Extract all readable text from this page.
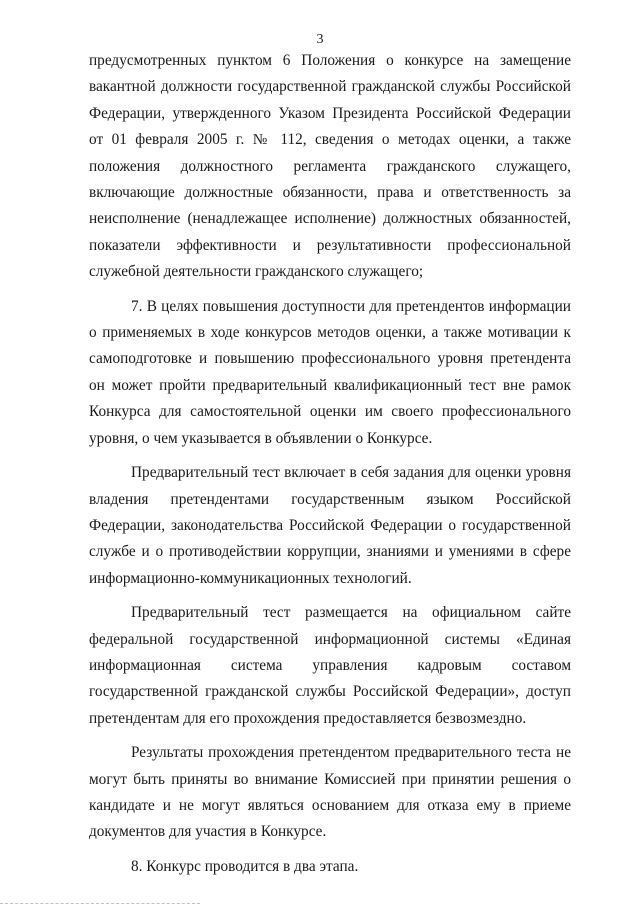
3

предусмотренных пунктом 6 Положения о конкурсе на замещение вакантной должности государственной гражданской службы Российской Федерации, утвержденного Указом Президента Российской Федерации от 01 февраля 2005 г. № 112, сведения о методах оценки, а также положения должностного регламента гражданского служащего, включающие должностные обязанности, права и ответственность за неисполнение (ненадлежащее исполнение) должностных обязанностей, показатели эффективности и результативности профессиональной служебной деятельности гражданского служащего;

7. В целях повышения доступности для претендентов информации о применяемых в ходе конкурсов методов оценки, а также мотивации к самоподготовке и повышению профессионального уровня претендента он может пройти предварительный квалификационный тест вне рамок Конкурса для самостоятельной оценки им своего профессионального уровня, о чем указывается в объявлении о Конкурсе.

Предварительный тест включает в себя задания для оценки уровня владения претендентами государственным языком Российской Федерации, законодательства Российской Федерации о государственной службе и о противодействии коррупции, знаниями и умениями в сфере информационно-коммуникационных технологий.

Предварительный тест размещается на официальном сайте федеральной государственной информационной системы «Единая информационная система управления кадровым составом государственной гражданской службы Российской Федерации», доступ претендентам для его прохождения предоставляется безвозмездно.

Результаты прохождения претендентом предварительного теста не могут быть приняты во внимание Комиссией при принятии решения о кандидате и не могут являться основанием для отказа ему в приеме документов для участия в Конкурсе.

8. Конкурс проводится в два этапа.
